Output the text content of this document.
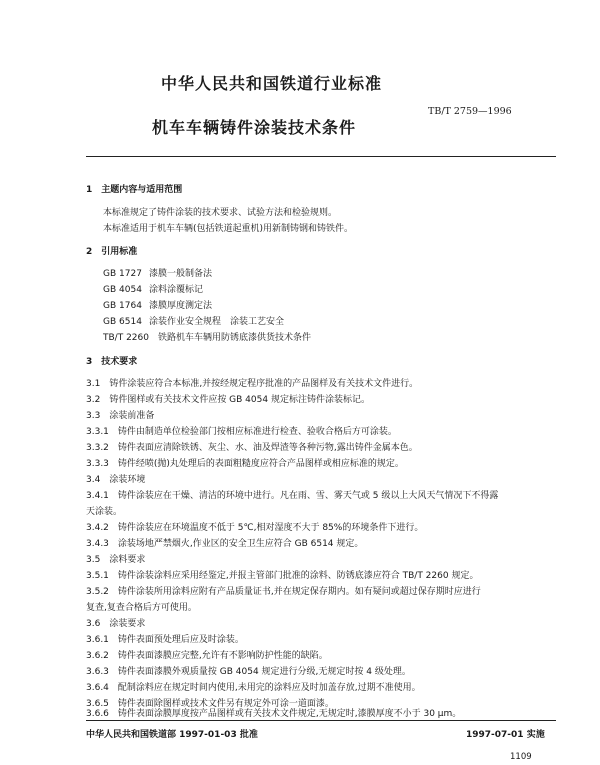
中华人民共和国铁道行业标准
TB/T 2759—1996
机车车辆铸件涂装技术条件
1　主题内容与适用范围
本标准规定了铸件涂装的技术要求、试验方法和检验规则。
本标准适用于机车车辆(包括铁道起重机)用新制铸钢和铸铁件。
2　引用标准
GB 1727 漆膜一般制备法
GB 4054 涂料涂覆标记
GB 1764 漆膜厚度测定法
GB 6514 涂装作业安全规程　涂装工艺安全
TB/T 2260 铁路机车车辆用防锈底漆供货技术条件
3　技术要求
3.1　铸件涂装应符合本标准,并按经规定程序批准的产品图样及有关技术文件进行。
3.2　铸件图样或有关技术文件应按 GB 4054 规定标注铸件涂装标记。
3.3　涂装前准备
3.3.1　铸件由制造单位检验部门按相应标准进行检查、验收合格后方可涂装。
3.3.2　铸件表面应清除铁锈、灰尘、水、油及焊渣等各种污物,露出铸件金属本色。
3.3.3　铸件经喷(抛)丸处理后的表面粗糙度应符合产品图样或相应标准的规定。
3.4　涂装环境
3.4.1　铸件涂装应在干燥、清洁的环境中进行。凡在雨、雪、雾天气或 5 级以上大风天气情况下不得露
天涂装。
3.4.2　铸件涂装应在环境温度不低于 5℃,相对湿度不大于 85%的环境条件下进行。
3.4.3　涂装场地严禁烟火,作业区的安全卫生应符合 GB 6514 规定。
3.5　涂料要求
3.5.1　铸件涂装涂料应采用经鉴定,并报主管部门批准的涂料、防锈底漆应符合 TB/T 2260 规定。
3.5.2　铸件涂装所用涂料应附有产品质量证书,并在规定保存期内。如有疑问或超过保存期时应进行
复查,复查合格后方可使用。
3.6　涂装要求
3.6.1　铸件表面预处理后应及时涂装。
3.6.2　铸件表面漆膜应完整,允许有不影响防护性能的缺陷。
3.6.3　铸件表面漆膜外观质量按 GB 4054 规定进行分级,无规定时按 4 级处理。
3.6.4　配制涂料应在规定时间内使用,未用完的涂料应及时加盖存放,过期不准使用。
3.6.5　铸件表面除图样或技术文件另有规定外可涂一道面漆。
3.6.6　铸件表面涂膜厚度按产品图样或有关技术文件规定,无规定时,漆膜厚度不小于 30 μm。
中华人民共和国铁道部 1997-01-03 批准	1997-07-01 实施
1109
